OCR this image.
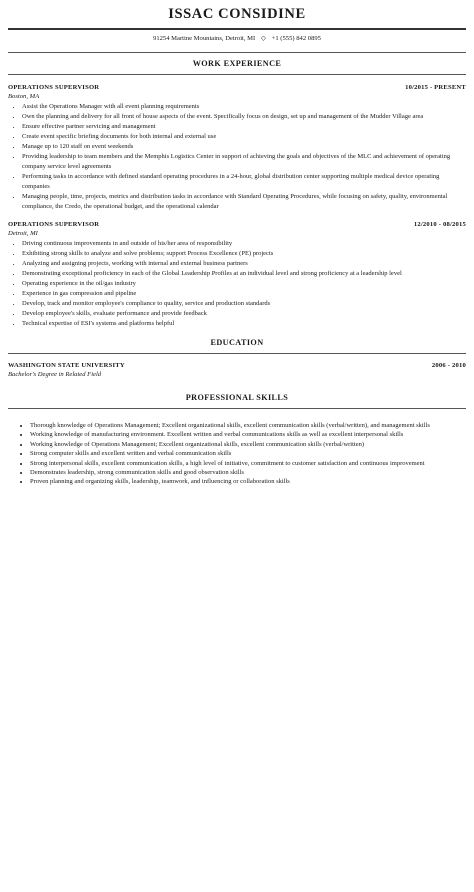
ISSAC CONSIDINE
91254 Martine Mountains, Detroit, MI ◇ +1 (555) 842 0895
WORK EXPERIENCE
OPERATIONS SUPERVISOR	10/2015 - PRESENT
Boston, MA
• Assist the Operations Manager with all event planning requirements
• Own the planning and delivery for all front of house aspects of the event. Specifically focus on design, set up and management of the Mudder Village area
• Ensure effective partner servicing and management
• Create event specific briefing documents for both internal and external use
• Manage up to 120 staff on event weekends
• Providing leadership to team members and the Memphis Logistics Center in support of achieving the goals and objectives of the MLC and achievement of operating company service level agreements
• Performing tasks in accordance with defined standard operating procedures in a 24-hour, global distribution center supporting multiple medical device operating companies
• Managing people, time, projects, metrics and distribution tasks in accordance with Standard Operating Procedures, while focusing on safety, quality, environmental compliance, the Credo, the operational budget, and the operational calendar
OPERATIONS SUPERVISOR	12/2010 - 08/2015
Detroit, MI
• Driving continuous improvements in and outside of his/her area of responsibility
• Exhibiting strong skills to analyze and solve problems; support Process Excellence (PE) projects
• Analyzing and assigning projects, working with internal and external business partners
• Demonstrating exceptional proficiency in each of the Global Leadership Profiles at an individual level and strong proficiency at a leadership level
• Operating experience in the oil/gas industry
• Experience in gas compression and pipeline
• Develop, track and monitor employee's compliance to quality, service and production standards
• Develop employee's skills, evaluate performance and provide feedback
• Technical expertise of ESI's systems and platforms helpful
EDUCATION
WASHINGTON STATE UNIVERSITY	2006 - 2010
Bachelor's Degree in Related Field
PROFESSIONAL SKILLS
• Thorough knowledge of Operations Management; Excellent organizational skills, excellent communication skills (verbal/written), and management skills
• Working knowledge of manufacturing environment. Excellent written and verbal communications skills as well as excellent interpersonal skills
• Working knowledge of Operations Management; Excellent organizational skills, excellent communication skills (verbal/written)
• Strong computer skills and excellent written and verbal communication skills
• Strong interpersonal skills, excellent communication skills, a high level of initiative, commitment to customer satisfaction and continuous improvement
• Demonstrates leadership, strong communication skills and good observation skills
• Proven planning and organizing skills, leadership, teamwork, and influencing or collaboration skills
